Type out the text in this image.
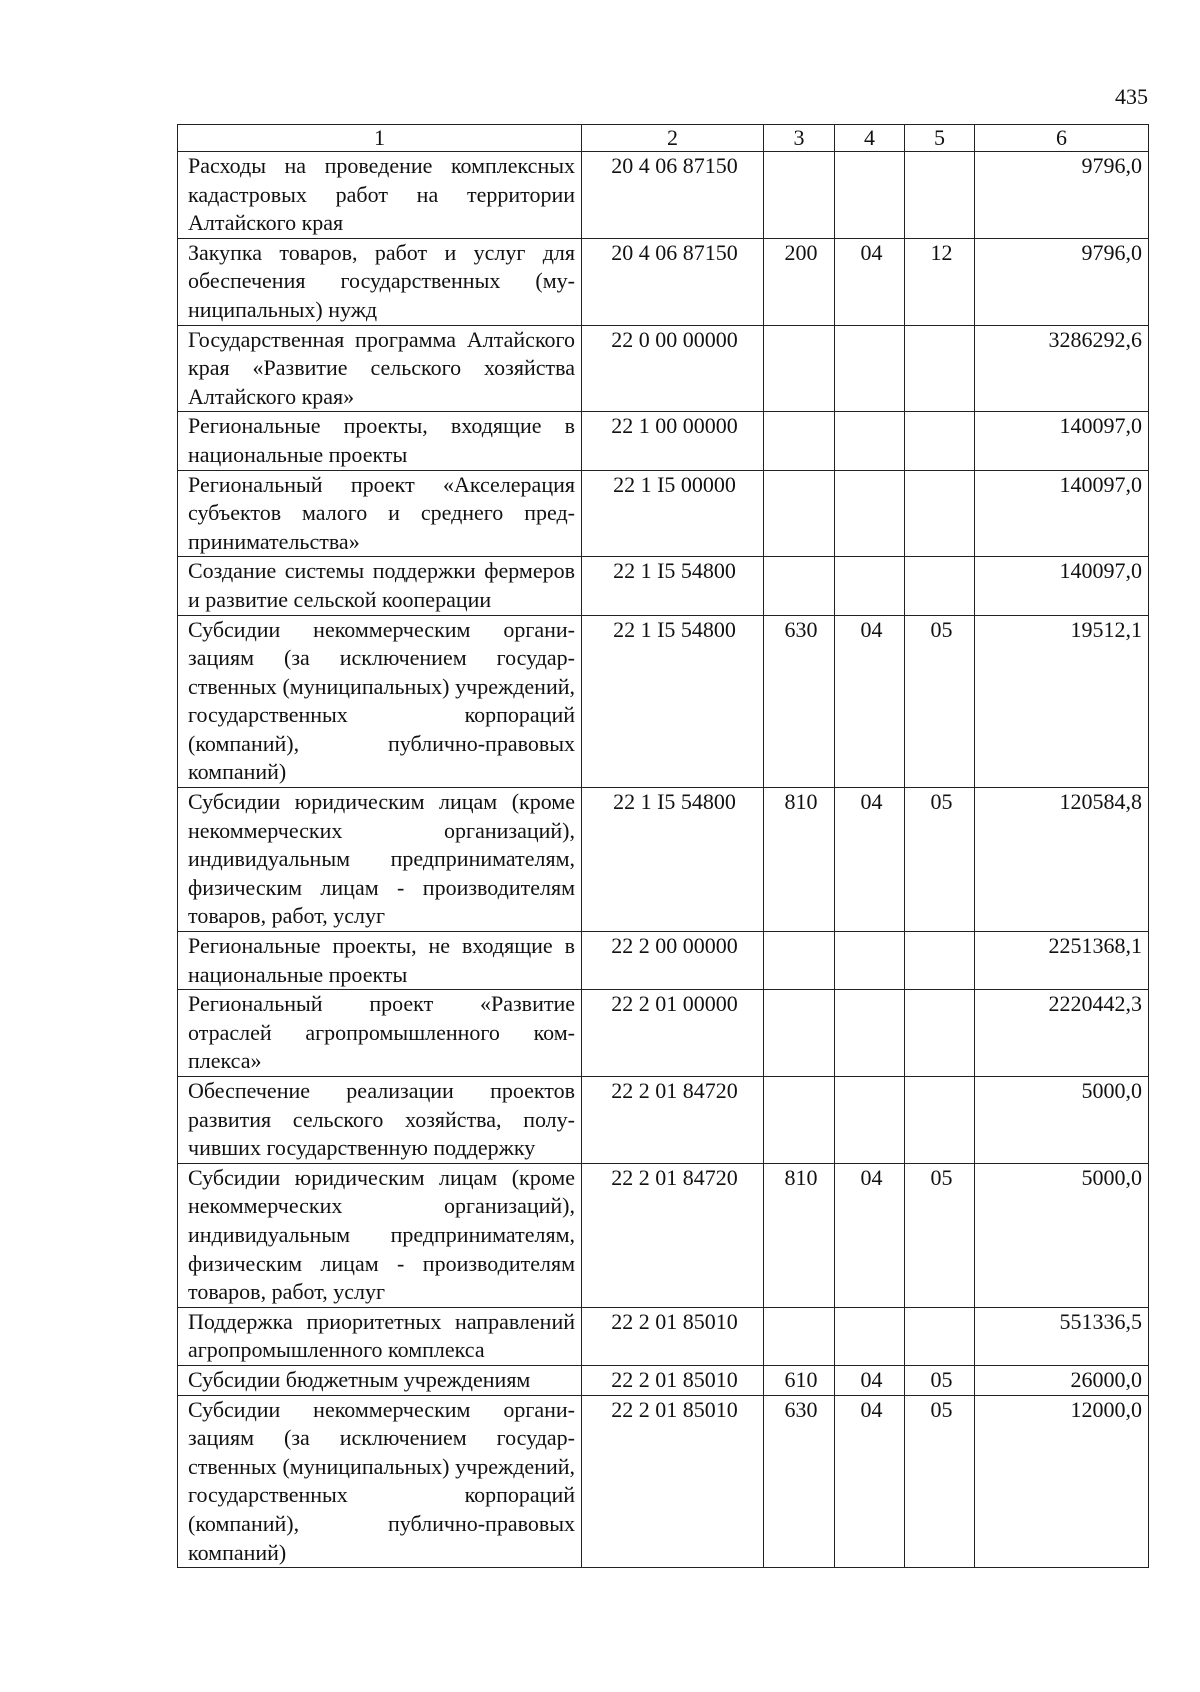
435
1	2	3	4	5	6
Расходы на проведение комплексных кадастровых работ на территории Алтайского края	20 4 06 87150				9796,0
Закупка товаров, работ и услуг для обеспечения государственных (муниципальных) нужд	20 4 06 87150	200	04	12	9796,0
Государственная программа Алтайского края «Развитие сельского хозяйства Алтайского края»	22 0 00 00000				3286292,6
Региональные проекты, входящие в национальные проекты	22 1 00 00000				140097,0
Региональный проект «Акселерация субъектов малого и среднего предпринимательства»	22 1 I5 00000				140097,0
Создание системы поддержки фермеров и развитие сельской кооперации	22 1 I5 54800				140097,0
Субсидии некоммерческим организациям (за исключением государственных (муниципальных) учреждений, государственных корпораций (компаний), публично-правовых компаний)	22 1 I5 54800	630	04	05	19512,1
Субсидии юридическим лицам (кроме некоммерческих организаций), индивидуальным предпринимателям, физическим лицам - производителям товаров, работ, услуг	22 1 I5 54800	810	04	05	120584,8
Региональные проекты, не входящие в национальные проекты	22 2 00 00000				2251368,1
Региональный проект «Развитие отраслей агропромышленного комплекса»	22 2 01 00000				2220442,3
Обеспечение реализации проектов развития сельского хозяйства, получивших государственную поддержку	22 2 01 84720				5000,0
Субсидии юридическим лицам (кроме некоммерческих организаций), индивидуальным предпринимателям, физическим лицам - производителям товаров, работ, услуг	22 2 01 84720	810	04	05	5000,0
Поддержка приоритетных направлений агропромышленного комплекса	22 2 01 85010				551336,5
Субсидии бюджетным учреждениям	22 2 01 85010	610	04	05	26000,0
Субсидии некоммерческим организациям (за исключением государственных (муниципальных) учреждений, государственных корпораций (компаний), публично-правовых компаний)	22 2 01 85010	630	04	05	12000,0
